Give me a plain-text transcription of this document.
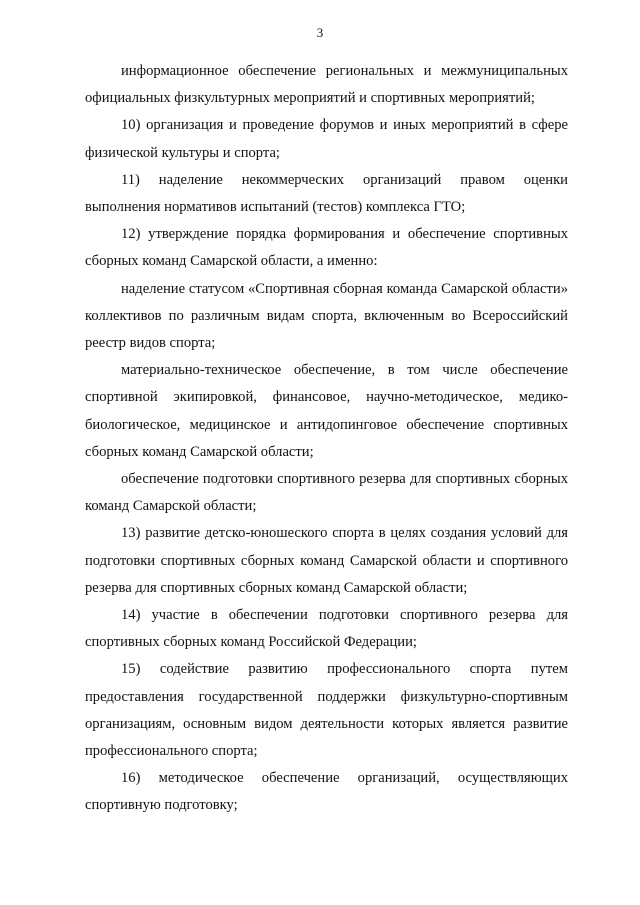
3

информационное обеспечение региональных и межмуниципальных официальных физкультурных мероприятий и спортивных мероприятий;

10) организация и проведение форумов и иных мероприятий в сфере физической культуры и спорта;

11) наделение некоммерческих организаций правом оценки выполнения нормативов испытаний (тестов) комплекса ГТО;

12) утверждение порядка формирования и обеспечение спортивных сборных команд Самарской области, а именно:

наделение статусом «Спортивная сборная команда Самарской области» коллективов по различным видам спорта, включенным во Всероссийский реестр видов спорта;

материально-техническое обеспечение, в том числе обеспечение спортивной экипировкой, финансовое, научно-методическое, медико-биологическое, медицинское и антидопинговое обеспечение спортивных сборных команд Самарской области;

обеспечение подготовки спортивного резерва для спортивных сборных команд Самарской области;

13) развитие детско-юношеского спорта в целях создания условий для подготовки спортивных сборных команд Самарской области и спортивного резерва для спортивных сборных команд Самарской области;

14) участие в обеспечении подготовки спортивного резерва для спортивных сборных команд Российской Федерации;

15) содействие развитию профессионального спорта путем предоставления государственной поддержки физкультурно-спортивным организациям, основным видом деятельности которых является развитие профессионального спорта;

16) методическое обеспечение организаций, осуществляющих спортивную подготовку;
